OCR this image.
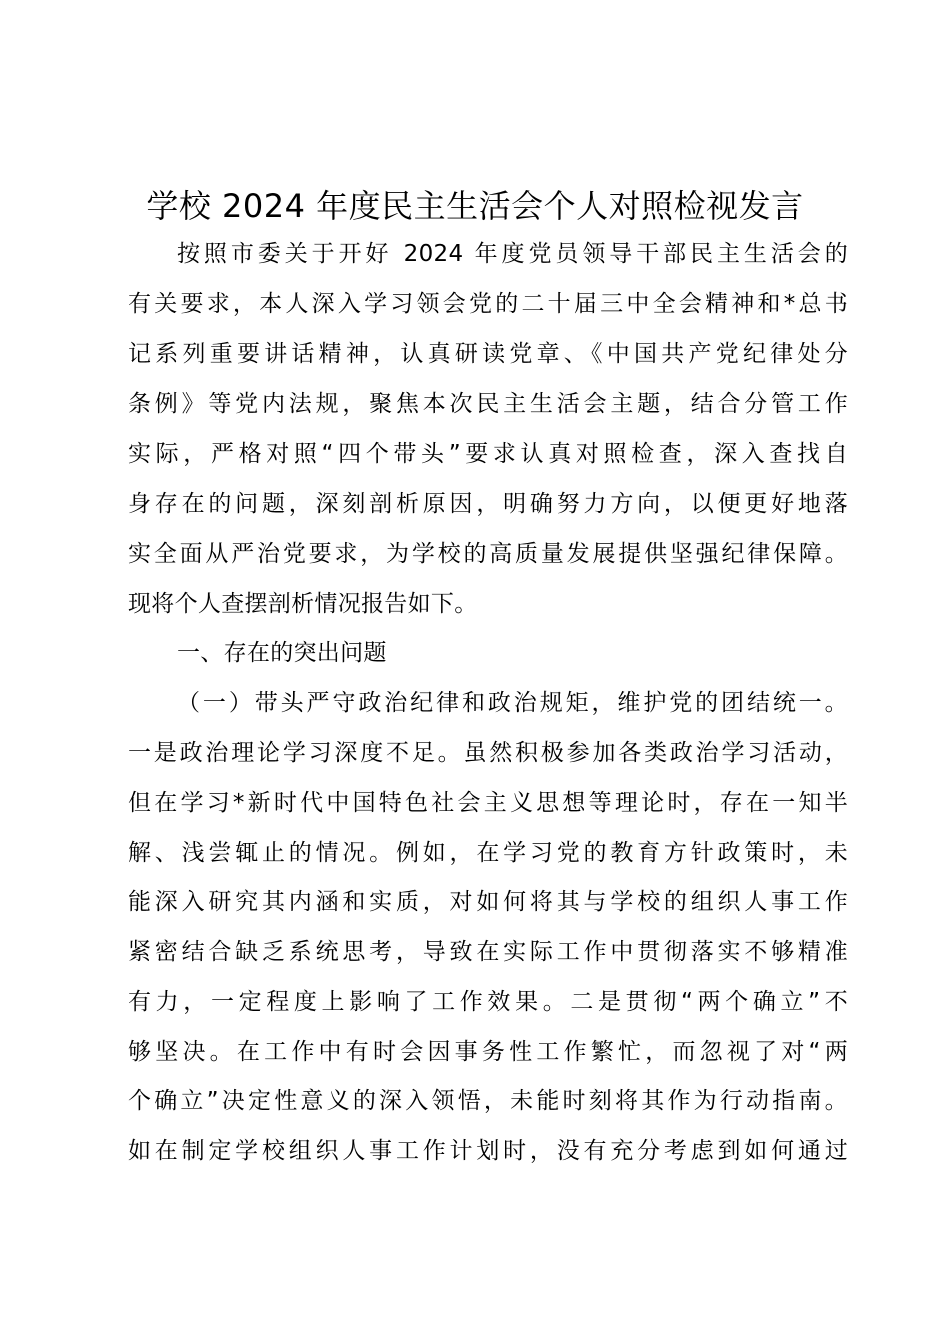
学校 2024 年度民主生活会个人对照检视发言
按照市委关于开好 2024 年度党员领导干部民主生活会的
有关要求，本人深入学习领会党的二十届三中全会精神和*总书
记系列重要讲话精神，认真研读党章、《中国共产党纪律处分
条例》等党内法规，聚焦本次民主生活会主题，结合分管工作
实际，严格对照“四个带头”要求认真对照检查，深入查找自
身存在的问题，深刻剖析原因，明确努力方向，以便更好地落
实全面从严治党要求，为学校的高质量发展提供坚强纪律保障。
现将个人查摆剖析情况报告如下。
一、存在的突出问题
（一）带头严守政治纪律和政治规矩，维护党的团结统一。
一是政治理论学习深度不足。虽然积极参加各类政治学习活动，
但在学习*新时代中国特色社会主义思想等理论时，存在一知半
解、浅尝辄止的情况。例如，在学习党的教育方针政策时，未
能深入研究其内涵和实质，对如何将其与学校的组织人事工作
紧密结合缺乏系统思考，导致在实际工作中贯彻落实不够精准
有力，一定程度上影响了工作效果。二是贯彻“两个确立”不
够坚决。在工作中有时会因事务性工作繁忙，而忽视了对“两
个确立”决定性意义的深入领悟，未能时刻将其作为行动指南。
如在制定学校组织人事工作计划时，没有充分考虑到如何通过
